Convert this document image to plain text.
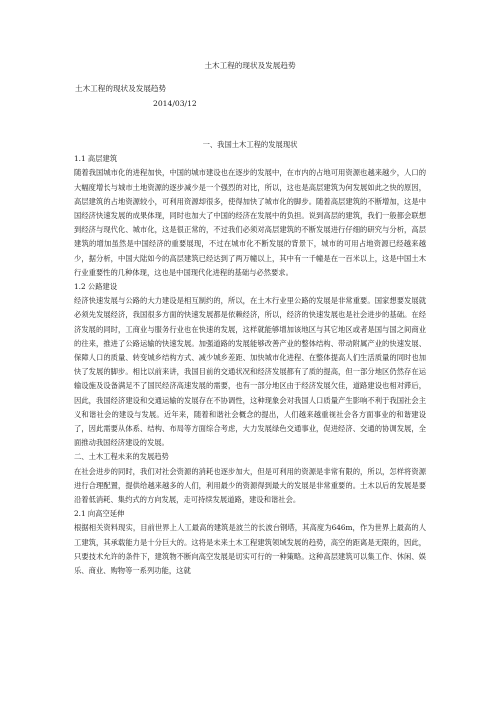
土木工程的现状及发展趋势
土木工程的现状及发展趋势
2014/03/12

一、我国土木工程的发展现状

1.1 高层建筑

随着我国城市化的进程加快，中国的城市建设也在逐步的发展中，在市内的占地可用资源也越来越少，人口的大幅度增长与城市土地资源的逐步减少是一个强烈的对比，所以，这也是高层建筑为何发展如此之快的原因，高层建筑的占地资源较小，可利用资源却很多，使得加快了城市化的脚步。随着高层建筑的不断增加，这是中国经济快速发展的成果体现，同时也加大了中国的经济在发展中的负担。说到高层的建筑，我们一般都会联想到经济与现代化、城市化，这是很正常的，不过我们必须对高层建筑的不断发展进行仔细的研究与分析，高层建筑的增加虽然是中国经济的重要展现，不过在城市化不断发展的背景下，城市的可用占地资源已经越来越少，据分析，中国大陆如今的高层建筑已经达到了两万幢以上，其中有一千幢是在一百米以上，这是中国土木行业重要性的几种体现，这也是中国现代化进程的基础与必然要求。

1.2 公路建设

经济快速发展与公路的大力建设是相互制约的，所以，在土木行业里公路的发展是非常重要。国家想要发展就必须先发展经济，我国很多方面的快速发展都是依赖经济，所以，经济的快速发展也是社会进步的基础。在经济发展的同时，工商业与服务行业也在快速的发展，这样就能够增加该地区与其它地区或者是国与国之间商业的往来，推进了公路运输的快速发展。加强道路的发展能够改善产业的整体结构、带动附属产业的快速发展、保障人口的质量、转变城乡结构方式、减少城乡差距、加快城市化进程、在整体提高人们生活质量的同时也加快了发展的脚步。相比以前来讲，我国目前的交通状况和经济发展都有了质的提高，但一部分地区仍然存在运输设施及设备满足不了国民经济高速发展的需要，也有一部分地区由于经济发展欠佳，道路建设也相对滞后，因此，我国经济建设和交通运输的发展存在不协调性，这种现象会对我国人口质量产生影响不利于我国社会主义和谐社会的建设与发展。近年来，随着和谐社会概念的提出，人们越来越重视社会各方面事业的和谐建设了，因此需要从体系、结构、布局等方面综合考虑，大力发展绿色交通事业，促进经济、交通的协调发展，全面推动我国经济建设的发展。

二、土木工程未来的发展趋势

在社会进步的同时，我们对社会资源的消耗也逐步加大，但是可利用的资源是非常有限的，所以，怎样将资源进行合理配置，提供给越来越多的人们，利用最少的资源得到最大的发展是非常重要的。土木以后的发展是要沿着低消耗、集约式的方向发展，走可持续发展道路，建设和谐社会。

2.1 向高空延伸

根据相关资料现实，目前世界上人工最高的建筑是波兰的长波台钢塔，其高度为646m，作为世界上最高的人工建筑，其承载能力是十分巨大的。这将是未来土木工程建筑领域发展的趋势，高空的距离是无限的，因此，只要技术允许的条件下，建筑物不断向高空发展是切实可行的一种策略。这种高层建筑可以集工作、休闲、娱乐、商业、购物等一系列功能，这就
